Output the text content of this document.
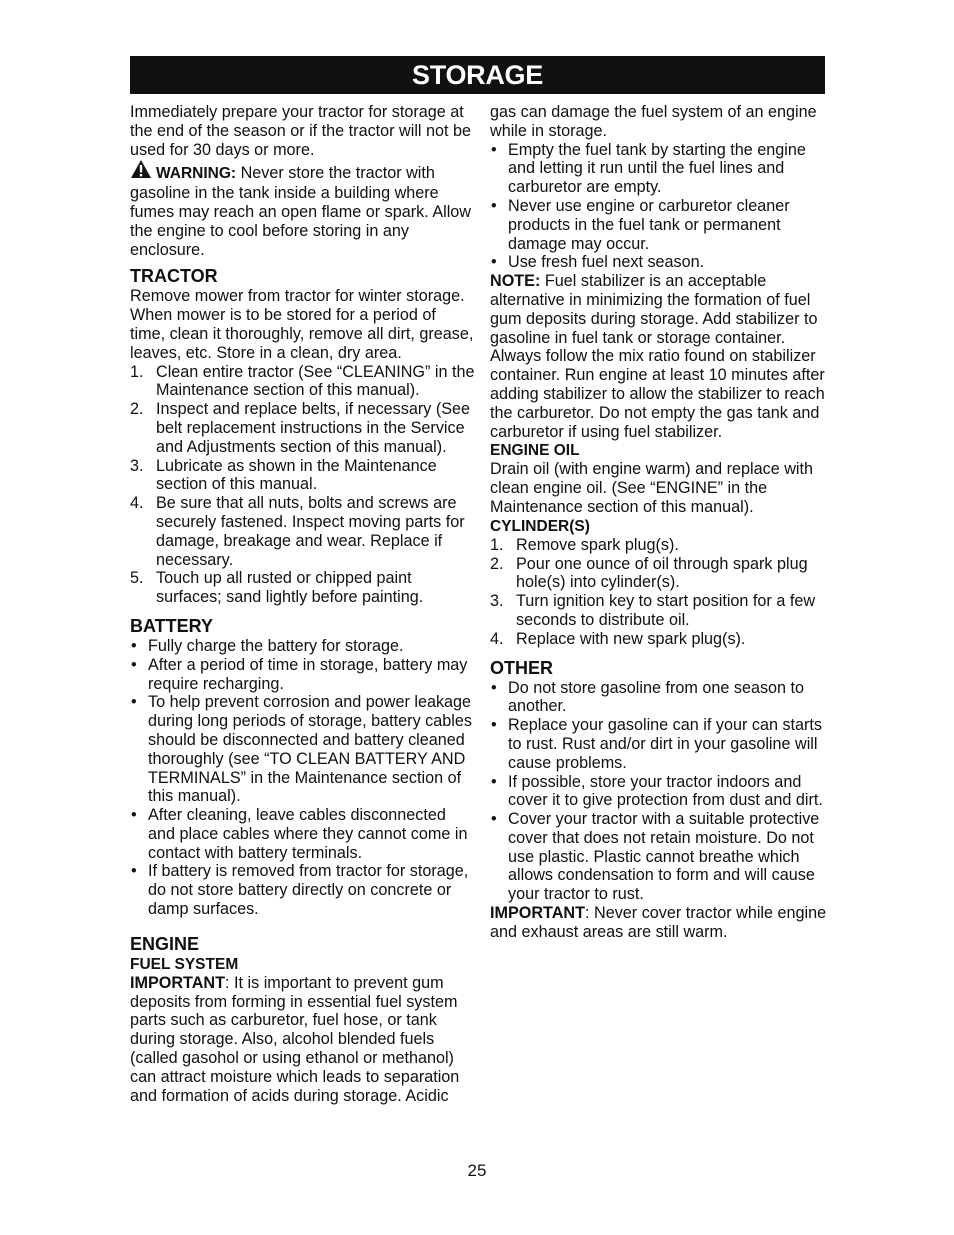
STORAGE

Immediately prepare your tractor for storage at the end of the season or if the tractor will not be used for 30 days or more.

WARNING: Never store the tractor with gasoline in the tank inside a building where fumes may reach an open flame or spark. Allow the engine to cool before storing in any enclosure.

TRACTOR

Remove mower from tractor for winter storage. When mower is to be stored for a period of time, clean it thoroughly, remove all dirt, grease, leaves, etc. Store in a clean, dry area.

1. Clean entire tractor (See “CLEANING” in the Maintenance section of this manual).
2. Inspect and replace belts, if necessary (See belt replacement instructions in the Service and Adjustments section of this manual).
3. Lubricate as shown in the Maintenance section of this manual.
4. Be sure that all nuts, bolts and screws are securely fastened. Inspect moving parts for damage, breakage and wear. Replace if necessary.
5. Touch up all rusted or chipped paint surfaces; sand lightly before painting.
BATTERY
• Fully charge the battery for storage.
• After a period of time in storage, battery may require recharging.
• To help prevent corrosion and power leakage during long periods of storage, battery cables should be disconnected and battery cleaned thoroughly (see “TO CLEAN BATTERY AND TERMINALS” in the Maintenance section of this manual).
• After cleaning, leave cables disconnected and place cables where they cannot come in contact with battery terminals.
• If battery is removed from tractor for storage, do not store battery directly on concrete or damp surfaces.
ENGINE
FUEL SYSTEM

IMPORTANT: It is important to prevent gum deposits from forming in essential fuel system parts such as carburetor, fuel hose, or tank during storage. Also, alcohol blended fuels (called gasohol or using ethanol or methanol) can attract moisture which leads to separation and formation of acids during storage. Acidic

gas can damage the fuel system of an engine while in storage.

• Empty the fuel tank by starting the engine and letting it run until the fuel lines and carburetor are empty.
• Never use engine or carburetor cleaner products in the fuel tank or permanent damage may occur.
• Use fresh fuel next season.

NOTE: Fuel stabilizer is an acceptable alternative in minimizing the formation of fuel gum deposits during storage. Add stabilizer to gasoline in fuel tank or storage container. Always follow the mix ratio found on stabilizer container. Run engine at least 10 minutes after adding stabilizer to allow the stabilizer to reach the carburetor. Do not empty the gas tank and carburetor if using fuel stabilizer.

ENGINE OIL

Drain oil (with engine warm) and replace with clean engine oil. (See “ENGINE” in the Maintenance section of this manual).

CYLINDER(S)
1. Remove spark plug(s).
2. Pour one ounce of oil through spark plug hole(s) into cylinder(s).
3. Turn ignition key to start position for a few seconds to distribute oil.
4. Replace with new spark plug(s).
OTHER
• Do not store gasoline from one season to another.
• Replace your gasoline can if your can starts to rust. Rust and/or dirt in your gasoline will cause problems.
• If possible, store your tractor indoors and cover it to give protection from dust and dirt.
• Cover your tractor with a suitable protective cover that does not retain moisture. Do not use plastic. Plastic cannot breathe which allows condensation to form and will cause your tractor to rust.

IMPORTANT: Never cover tractor while engine and exhaust areas are still warm.

25
